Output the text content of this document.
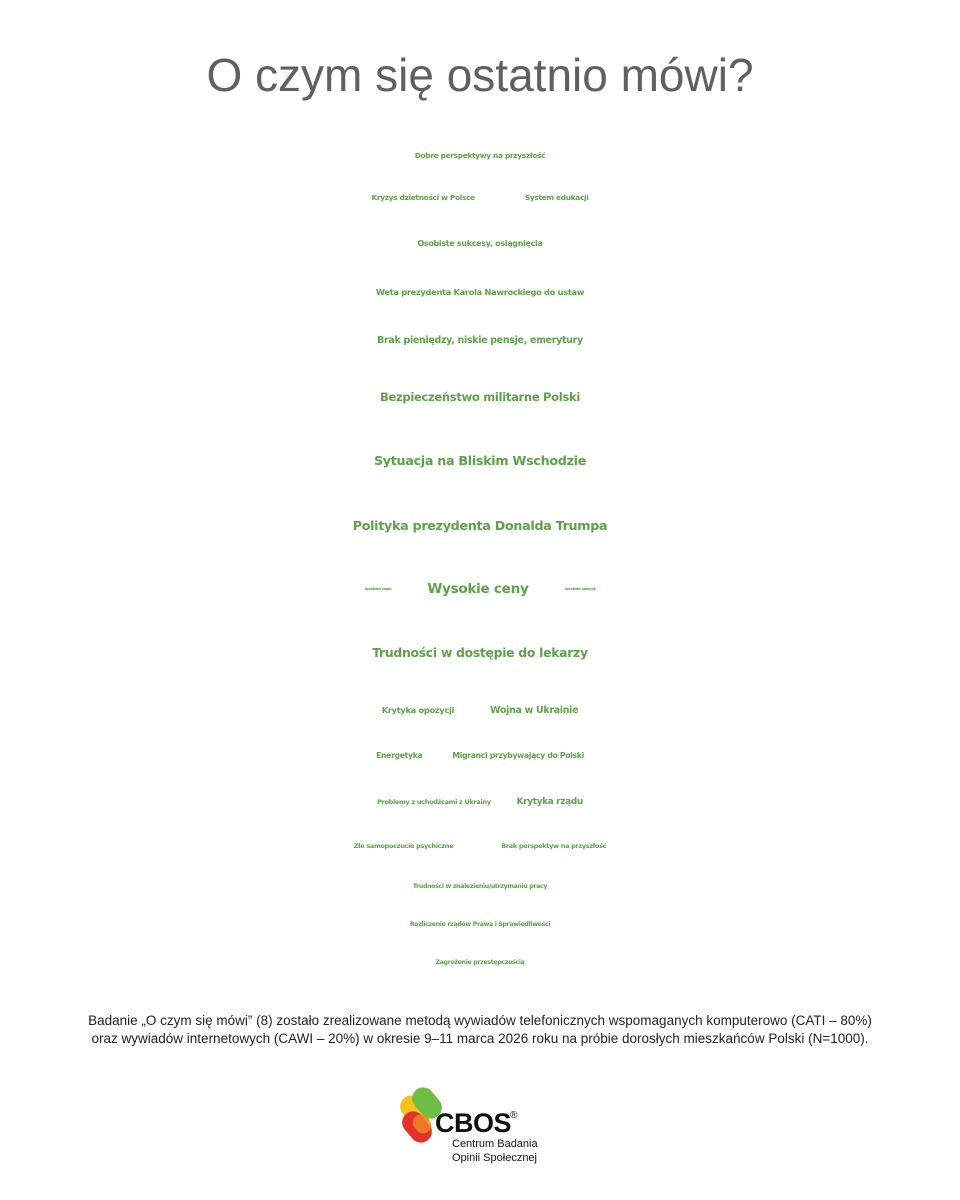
O czym się ostatnio mówi?
Dobre perspektywy na przyszłość
Kryzys dzietności w Polsce	System edukacji
Osobiste sukcesy, osiągnięcia
Weta prezydenta Karola Nawrockiego do ustaw
Brak pieniędzy, niskie pensje, emerytury
Bezpieczeństwo militarne Polski
Sytuacja na Bliskim Wschodzie
Polityka prezydenta Donalda Trumpa
Aprobata rządu	Wysokie ceny	Aprobata opozycji
Trudności w dostępie do lekarzy
Krytyka opozycji	Wojna w Ukrainie
Energetyka	Migranci przybywający do Polski
Problemy z uchodźcami z Ukrainy	Krytyka rządu
Złe samopoczucie psychiczne	Brak perspektyw na przyszłość
Trudności w znalezieniu/utrzymaniu pracy
Rozliczenie rządów Prawa i Sprawiedliwości
Zagrożenie przestępczością
Badanie „O czym się mówi” (8) zostało zrealizowane metodą wywiadów telefonicznych wspomaganych komputerowo (CATI – 80%)
oraz wywiadów internetowych (CAWI – 20%) w okresie 9–11 marca 2026 roku na próbie dorosłych mieszkańców Polski (N=1000).
CBOS
®
Centrum Badania
Opinii Społecznej
